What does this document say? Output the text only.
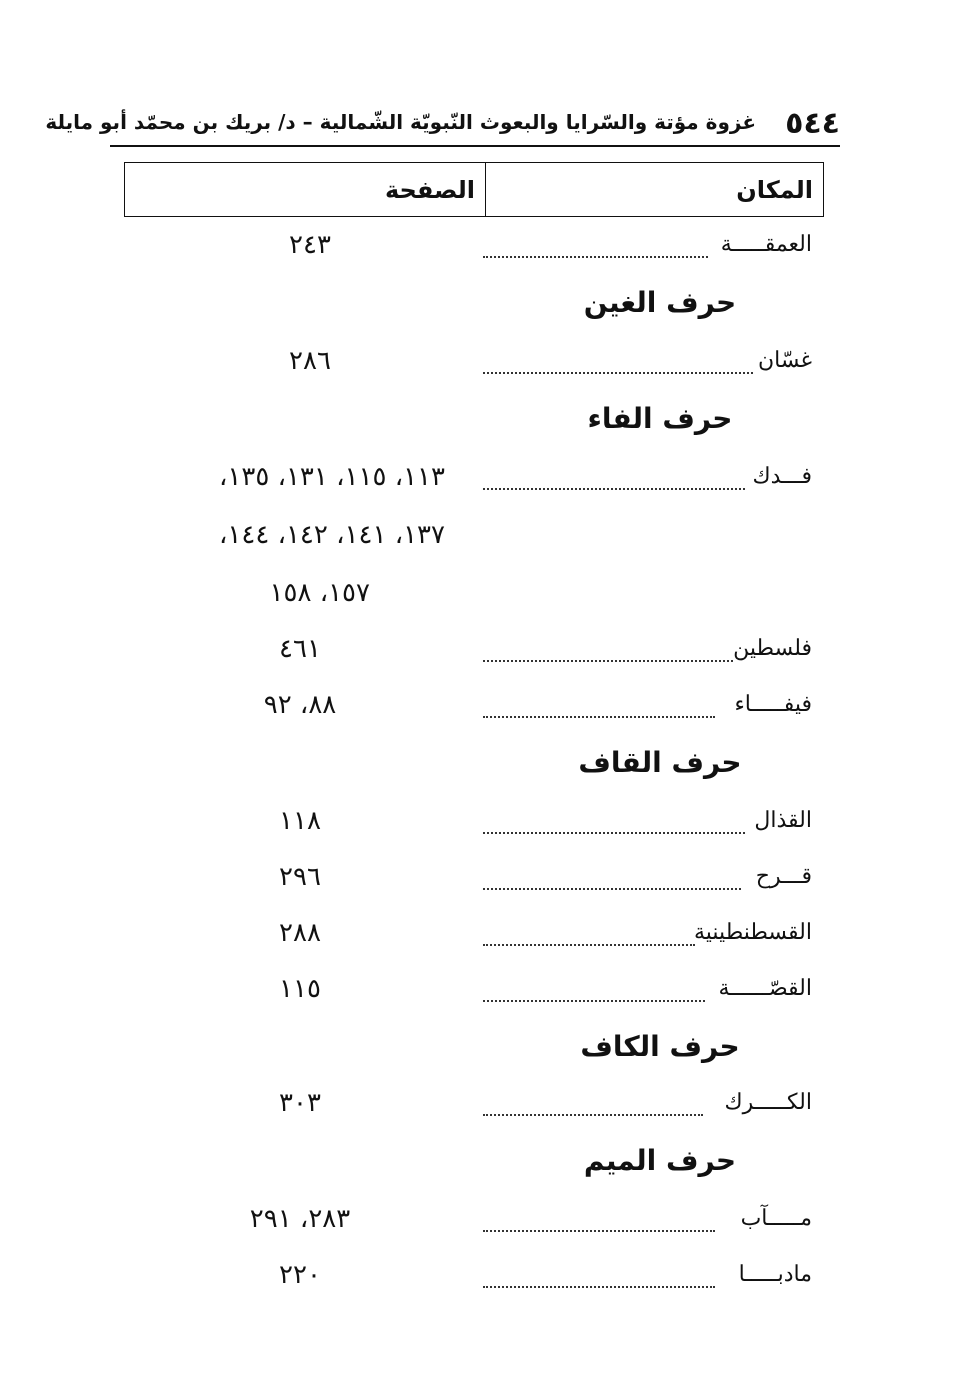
٥٤٤
غزوة مؤتة والسّرايا والبعوث النّبويّة الشّمالية – د/ بريك بن محمّد أبو مايلة
المكان
الصفحة
العمقـــــة
٢٤٣
حرف الغين
غسّان
٢٨٦
حرف الفاء
فـــدك
١١٣، ١١٥، ١٣١، ١٣٥،
١٣٧، ١٤١، ١٤٢، ١٤٤،
١٥٧، ١٥٨
فلسطين
٤٦١
فيفـــــاء
٨٨، ٩٢
حرف القاف
القذال
١١٨
قـــرح
٢٩٦
القسطنطينية
٢٨٨
القصّــــــة
١١٥
حرف الكاف
الكـــــرك
٣٠٣
حرف الميم
مـــــآب
٢٨٣، ٢٩١
مادبـــــا
٢٢٠
